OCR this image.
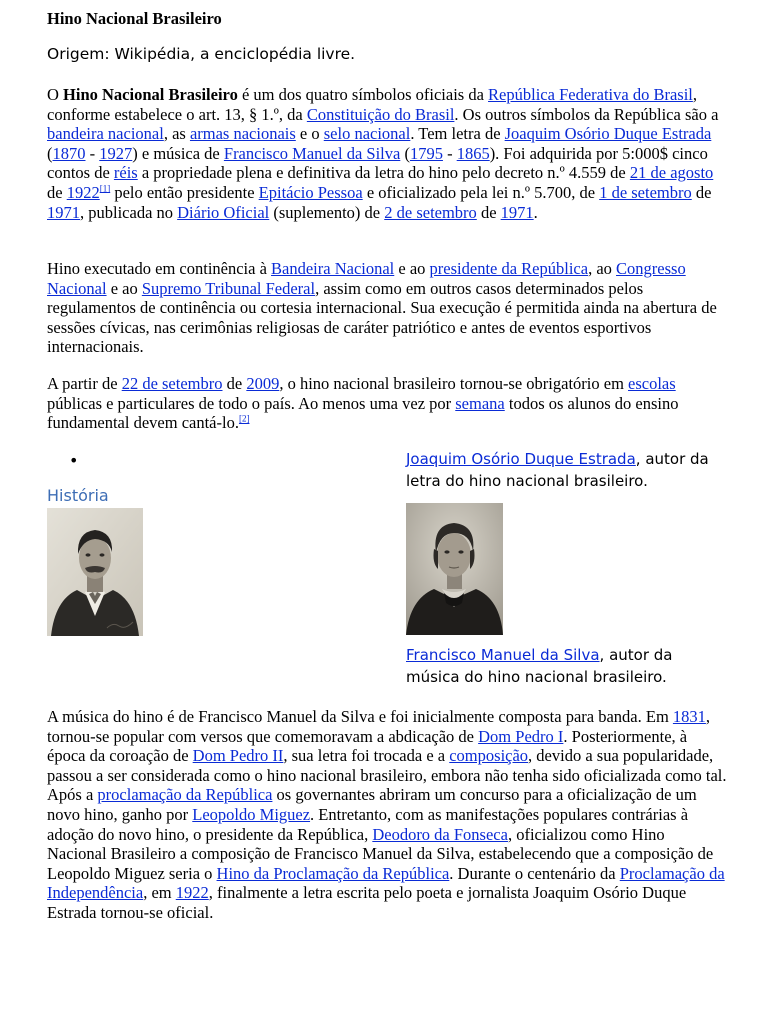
Hino Nacional Brasileiro
Origem: Wikipédia, a enciclopédia livre.

O Hino Nacional Brasileiro é um dos quatro símbolos oficiais da República Federativa do Brasil, conforme estabelece o art. 13, § 1.º, da Constituição do Brasil. Os outros símbolos da República são a bandeira nacional, as armas nacionais e o selo nacional. Tem letra de Joaquim Osório Duque Estrada (1870 - 1927) e música de Francisco Manuel da Silva (1795 - 1865). Foi adquirida por 5:000$ cinco contos de réis a propriedade plena e definitiva da letra do hino pelo decreto n.º 4.559 de 21 de agosto de 1922[1] pelo então presidente Epitácio Pessoa e oficializado pela lei n.º 5.700, de 1 de setembro de 1971, publicada no Diário Oficial (suplemento) de 2 de setembro de 1971.

Hino executado em continência à Bandeira Nacional e ao presidente da República, ao Congresso Nacional e ao Supremo Tribunal Federal, assim como em outros casos determinados pelos regulamentos de continência ou cortesia internacional. Sua execução é permitida ainda na abertura de sessões cívicas, nas cerimônias religiosas de caráter patriótico e antes de eventos esportivos internacionais.

A partir de 22 de setembro de 2009, o hino nacional brasileiro tornou-se obrigatório em escolas públicas e particulares de todo o país. Ao menos uma vez por semana todos os alunos do ensino fundamental devem cantá-lo.[2]

•
História
Joaquim Osório Duque Estrada, autor da letra do hino nacional brasileiro.
Francisco Manuel da Silva, autor da música do hino nacional brasileiro.

A música do hino é de Francisco Manuel da Silva e foi inicialmente composta para banda. Em 1831, tornou-se popular com versos que comemoravam a abdicação de Dom Pedro I. Posteriormente, à época da coroação de Dom Pedro II, sua letra foi trocada e a composição, devido a sua popularidade, passou a ser considerada como o hino nacional brasileiro, embora não tenha sido oficializada como tal. Após a proclamação da República os governantes abriram um concurso para a oficialização de um novo hino, ganho por Leopoldo Miguez. Entretanto, com as manifestações populares contrárias à adoção do novo hino, o presidente da República, Deodoro da Fonseca, oficializou como Hino Nacional Brasileiro a composição de Francisco Manuel da Silva, estabelecendo que a composição de Leopoldo Miguez seria o Hino da Proclamação da República. Durante o centenário da Proclamação da Independência, em 1922, finalmente a letra escrita pelo poeta e jornalista Joaquim Osório Duque Estrada tornou-se oficial.
